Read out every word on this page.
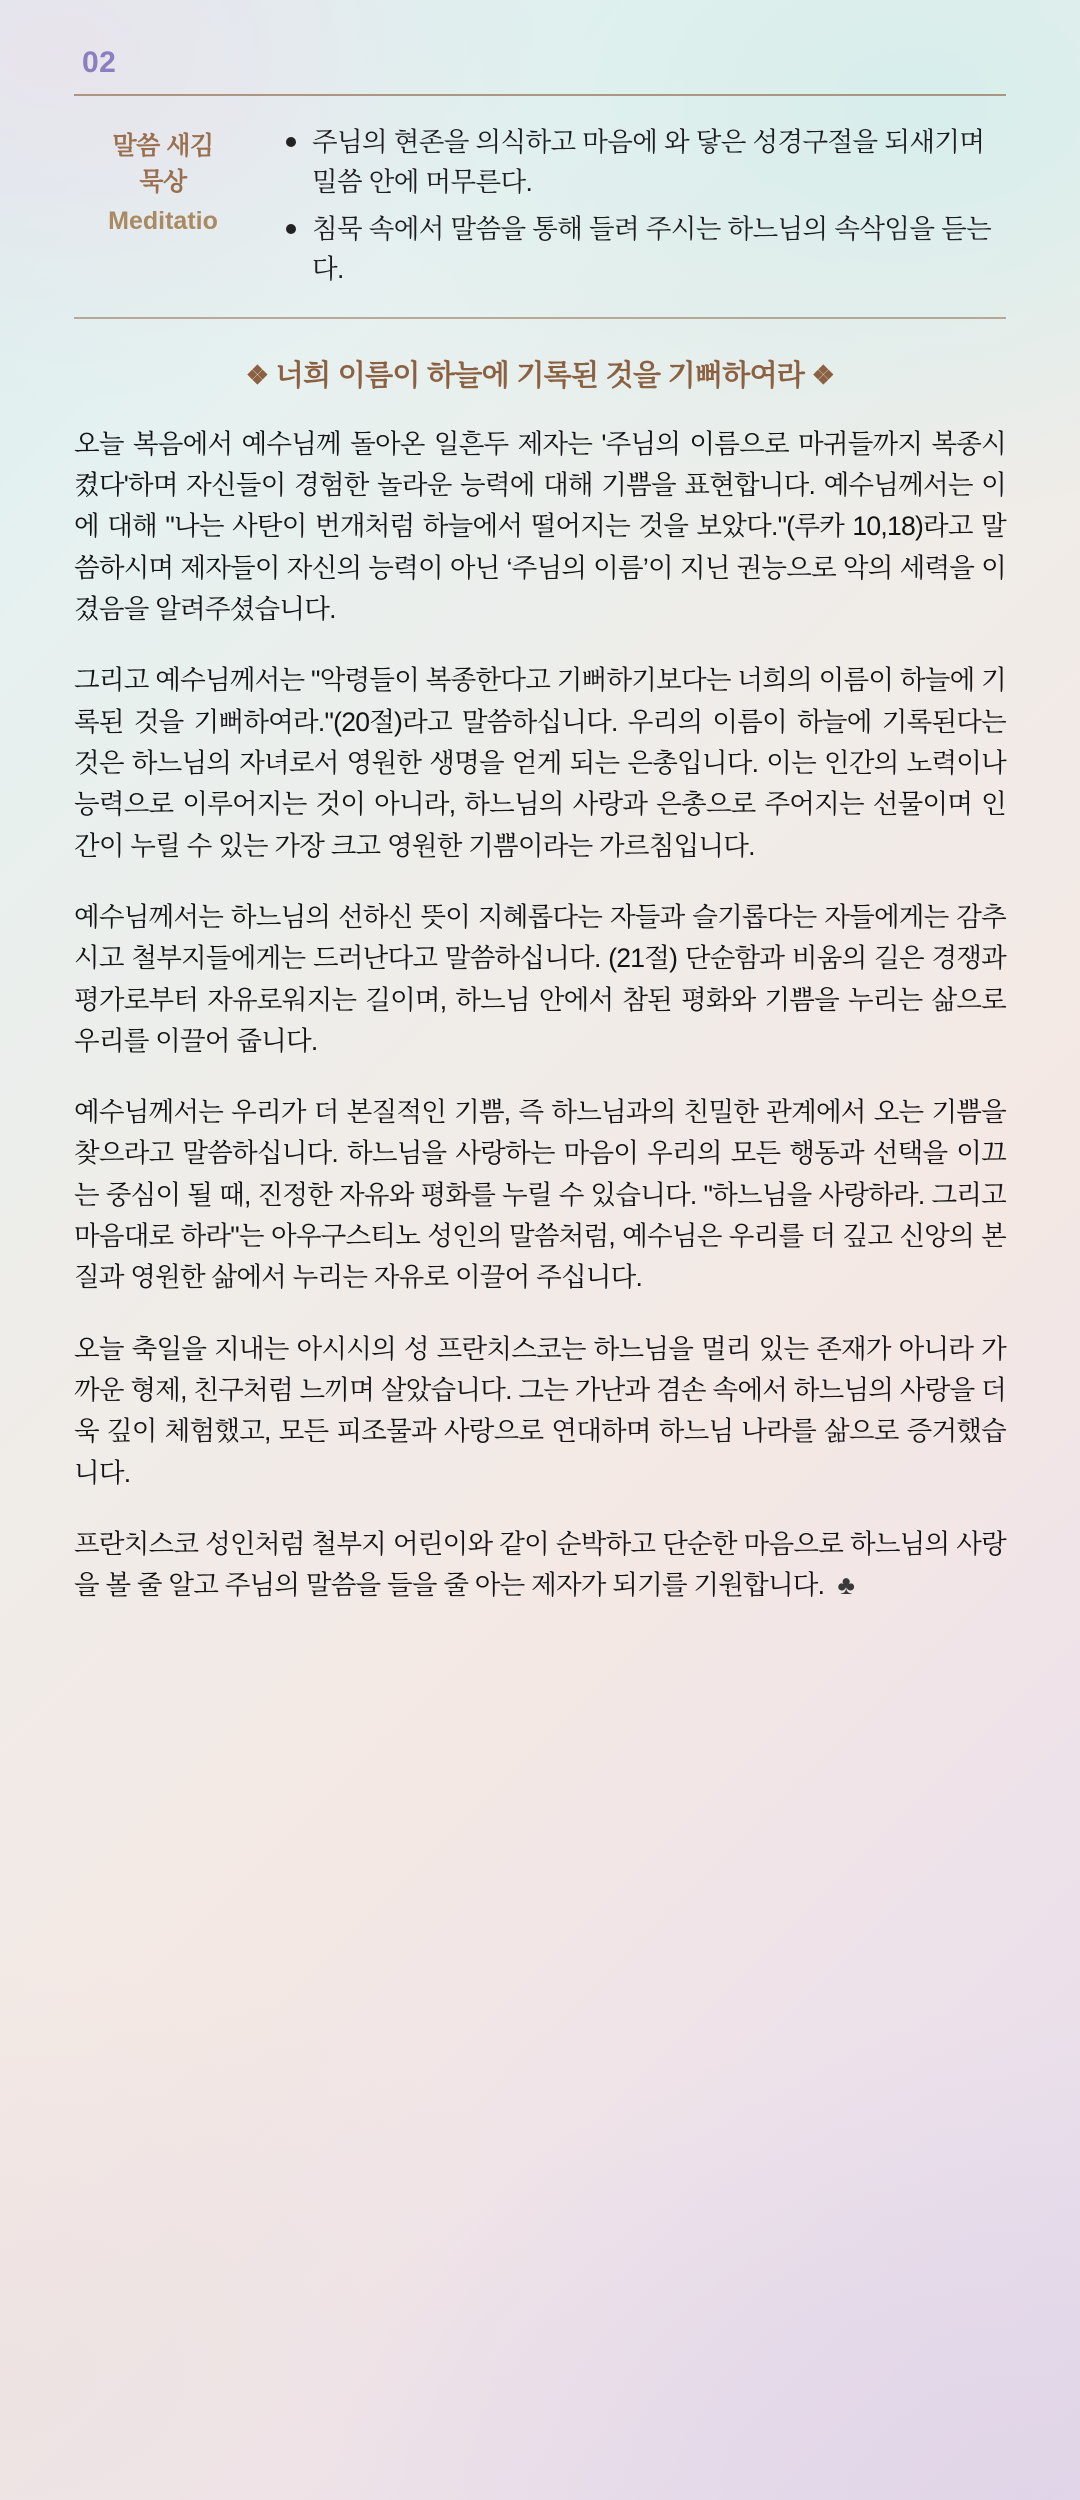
02
말씀 새김
묵상
Meditatio
주님의 현존을 의식하고 마음에 와 닿은 성경구절을 되새기며 밀씀 안에 머무른다.
침묵 속에서 말씀을 통해 들려 주시는 하느님의 속삭임을 듣는다.
❖ 너희 이름이 하늘에 기록된 것을 기뻐하여라 ❖

오늘 복음에서 예수님께 돌아온 일흔두 제자는 '주님의 이름으로 마귀들까지 복종시켰다'하며 자신들이 경험한 놀라운 능력에 대해 기쁨을 표현합니다. 예수님께서는 이에 대해 "나는 사탄이 번개처럼 하늘에서 떨어지는 것을 보았다."(루카 10,18)라고 말씀하시며 제자들이 자신의 능력이 아닌 ‘주님의 이름’이 지닌 권능으로 악의 세력을 이겼음을 알려주셨습니다.

그리고 예수님께서는 "악령들이 복종한다고 기뻐하기보다는 너희의 이름이 하늘에 기록된 것을 기뻐하여라."(20절)라고 말씀하십니다. 우리의 이름이 하늘에 기록된다는 것은 하느님의 자녀로서 영원한 생명을 얻게 되는 은총입니다. 이는 인간의 노력이나 능력으로 이루어지는 것이 아니라, 하느님의 사랑과 은총으로 주어지는 선물이며 인간이 누릴 수 있는 가장 크고 영원한 기쁨이라는 가르침입니다.

예수님께서는 하느님의 선하신 뜻이 지혜롭다는 자들과 슬기롭다는 자들에게는 감추시고 철부지들에게는 드러난다고 말씀하십니다. (21절) 단순함과 비움의 길은 경쟁과 평가로부터 자유로워지는 길이며, 하느님 안에서 참된 평화와 기쁨을 누리는 삶으로 우리를 이끌어 줍니다.

예수님께서는 우리가 더 본질적인 기쁨, 즉 하느님과의 친밀한 관계에서 오는 기쁨을 찾으라고 말씀하십니다. 하느님을 사랑하는 마음이 우리의 모든 행동과 선택을 이끄는 중심이 될 때, 진정한 자유와 평화를 누릴 수 있습니다. "하느님을 사랑하라. 그리고 마음대로 하라"는 아우구스티노 성인의 말씀처럼, 예수님은 우리를 더 깊고 신앙의 본질과 영원한 삶에서 누리는 자유로 이끌어 주십니다.

오늘 축일을 지내는 아시시의 성 프란치스코는 하느님을 멀리 있는 존재가 아니라 가까운 형제, 친구처럼 느끼며 살았습니다. 그는 가난과 겸손 속에서 하느님의 사랑을 더욱 깊이 체험했고, 모든 피조물과 사랑으로 연대하며 하느님 나라를 삶으로 증거했습니다.

프란치스코 성인처럼 철부지 어린이와 같이 순박하고 단순한 마음으로 하느님의 사랑을 볼 줄 알고 주님의 말씀을 들을 줄 아는 제자가 되기를 기원합니다. ♣
